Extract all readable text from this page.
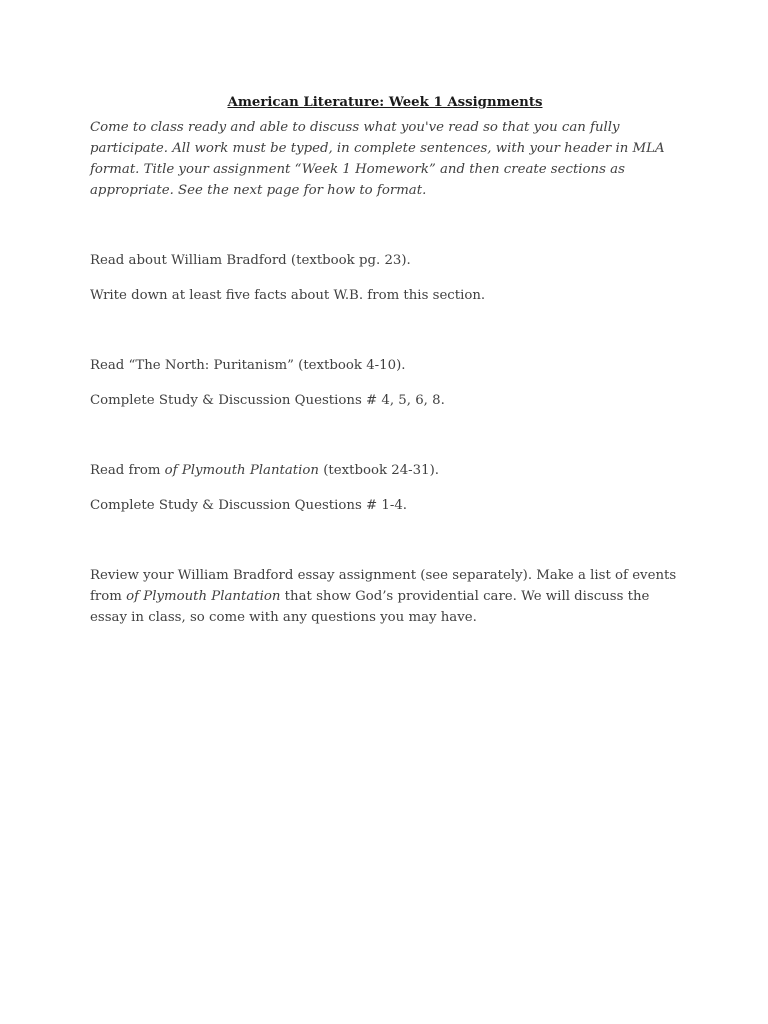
American Literature: Week 1 Assignments

Come to class ready and able to discuss what you've read so that you can fully participate. All work must be typed, in complete sentences, with your header in MLA format. Title your assignment “Week 1 Homework” and then create sections as appropriate. See the next page for how to format.

Read about William Bradford (textbook pg. 23).

Write down at least five facts about W.B. from this section.

Read “The North: Puritanism” (textbook 4-10).

Complete Study & Discussion Questions # 4, 5, 6, 8.

Read from of Plymouth Plantation (textbook 24-31).

Complete Study & Discussion Questions # 1-4.

Review your William Bradford essay assignment (see separately). Make a list of events from of Plymouth Plantation that show God’s providential care. We will discuss the essay in class, so come with any questions you may have.
